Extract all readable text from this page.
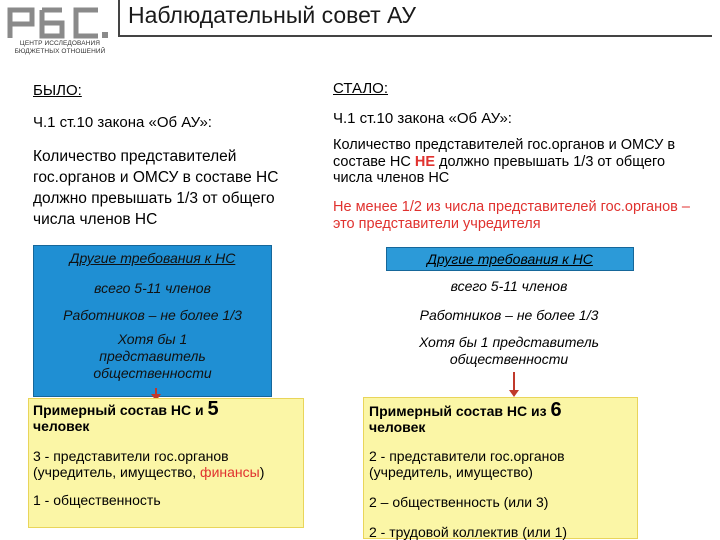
ЦЕНТР ИССЛЕДОВАНИЯ
БЮДЖЕТНЫХ ОТНОШЕНИЙ
Наблюдательный совет АУ
БЫЛО:
Ч.1 ст.10 закона «Об АУ»:
Количество представителей гос.органов и ОМСУ в составе НС должно превышать 1/3 от общего числа членов НС

Другие требования к НС

всего 5-11 членов

Работников – не более 1/3

Хотя бы 1 представитель общественности

Примерный состав НС и 5

человек

3 - представители гос.органов (учредитель, имущество, финансы)

1 - общественность

СТАЛО:
Ч.1 ст.10 закона «Об АУ»:
Количество представителей гос.органов и ОМСУ в составе НС НЕ должно превышать 1/3 от общего числа членов НС
Не менее 1/2 из числа представителей гос.органов – это представители учредителя
Другие требования к НС
всего 5-11 членов
Работников – не более 1/3
Хотя бы 1 представитель общественности

Примерный состав НС из 6

человек

2 - представители гос.органов (учредитель, имущество)

2 – общественность (или 3)

2 - трудовой коллектив (или 1)
